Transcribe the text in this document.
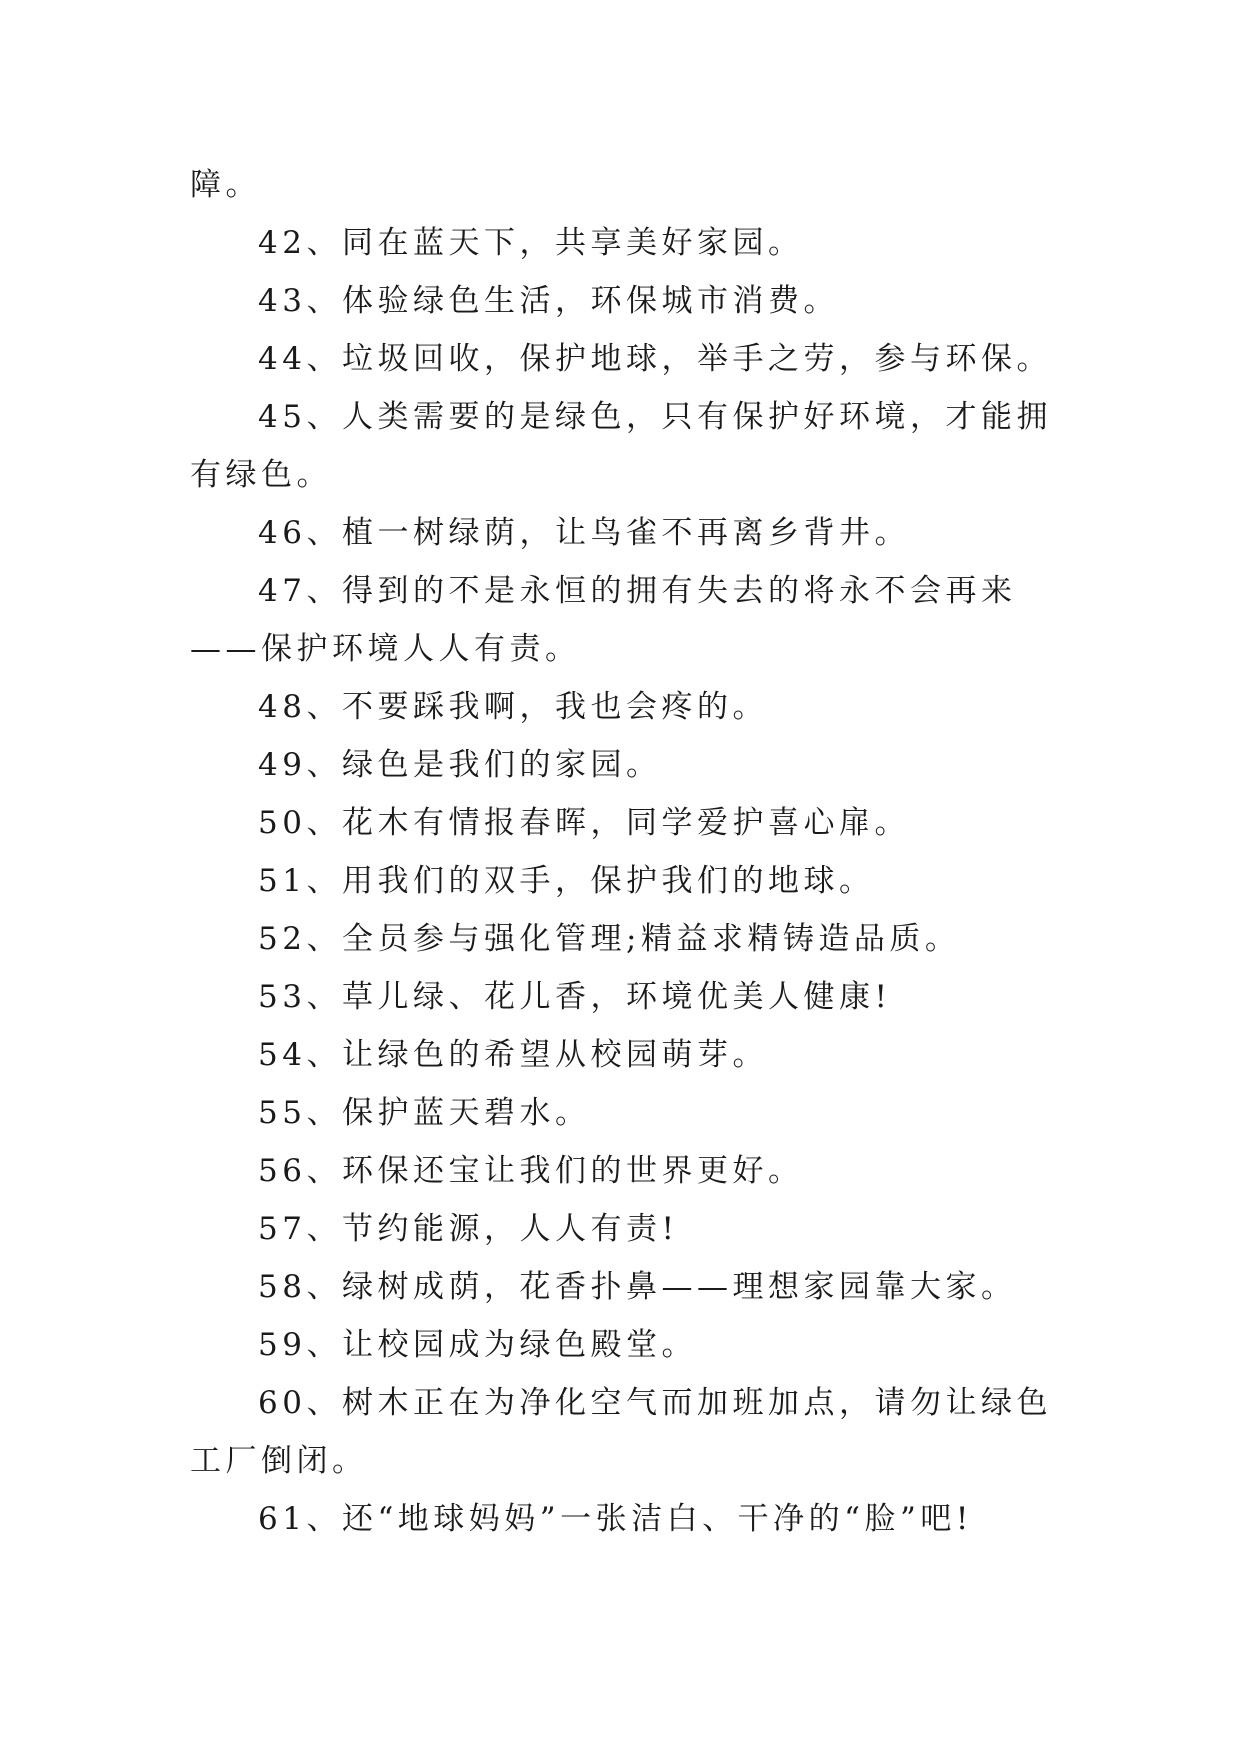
障。

42、同在蓝天下，共享美好家园。

43、体验绿色生活，环保城市消费。

44、垃圾回收，保护地球，举手之劳，参与环保。

45、人类需要的是绿色，只有保护好环境，才能拥有绿色。

46、植一树绿荫，让鸟雀不再离乡背井。

47、得到的不是永恒的拥有失去的将永不会再来——保护环境人人有责。

48、不要踩我啊，我也会疼的。

49、绿色是我们的家园。

50、花木有情报春晖，同学爱护喜心扉。

51、用我们的双手，保护我们的地球。

52、全员参与强化管理;精益求精铸造品质。

53、草儿绿、花儿香，环境优美人健康!

54、让绿色的希望从校园萌芽。

55、保护蓝天碧水。

56、环保还宝让我们的世界更好。

57、节约能源，人人有责!

58、绿树成荫，花香扑鼻——理想家园靠大家。

59、让校园成为绿色殿堂。

60、树木正在为净化空气而加班加点，请勿让绿色工厂倒闭。

61、还“地球妈妈”一张洁白、干净的“脸”吧!
